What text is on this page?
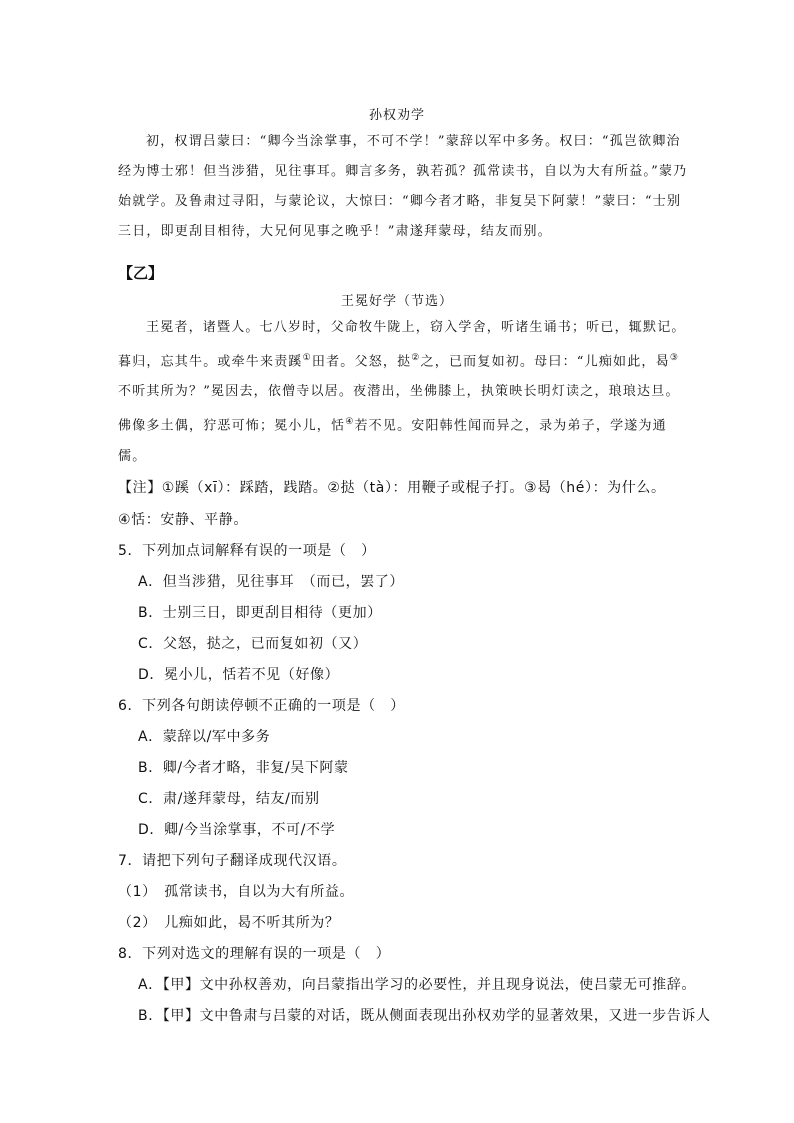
孙权劝学
初，权谓吕蒙曰：“卿今当涂掌事，不可不学！”蒙辞以军中多务。权曰：“孤岂欲卿治经为博士邪！但当涉猎，见往事耳。卿言多务，孰若孤？孤常读书，自以为大有所益。”蒙乃始就学。及鲁肃过寻阳，与蒙论议，大惊曰：“卿今者才略，非复吴下阿蒙！”蒙曰：“士别三日，即更刮目相待，大兄何见事之晚乎！”肃遂拜蒙母，结友而别。
【乙】
王冕好学（节选）
王冕者，诸暨人。七八岁时，父命牧牛陇上，窃入学舍，听诸生诵书；听已，辄默记。暮归，忘其牛。或牵牛来责蹊①田者。父怒，挞②之，已而复如初。母曰：“儿痴如此，曷③不听其所为？”冕因去，依僧寺以居。夜潜出，坐佛膝上，执策映长明灯读之，琅琅达旦。佛像多土偶，狞恶可怖；冕小儿，恬④若不见。安阳韩性闻而异之，录为弟子，学遂为通儒。
【注】①蹊（xī）：踩踏，践踏。②挞（tà）：用鞭子或棍子打。③曷（hé）：为什么。④恬：安静、平静。
5．下列加点词解释有误的一项是（　）
A．但当涉猎，见往事耳　（而已，罢了）
B．士别三日，即更刮目相待（更加）
C．父怒，挞之，已而复如初（又）
D．冕小儿，恬若不见（好像）
6．下列各句朗读停顿不正确的一项是（　）
A．蒙辞以/军中多务
B．卿/今者才略，非复/吴下阿蒙
C．肃/遂拜蒙母，结友/而别
D．卿/今当涂掌事，不可/不学
7．请把下列句子翻译成现代汉语。
（1）　孤常读书，自以为大有所益。
（2）　儿痴如此，曷不听其所为？
8．下列对选文的理解有误的一项是（　）
A．【甲】文中孙权善劝，向吕蒙指出学习的必要性，并且现身说法，使吕蒙无可推辞。
B．【甲】文中鲁肃与吕蒙的对话，既从侧面表现出孙权劝学的显著效果，又进一步告诉人
